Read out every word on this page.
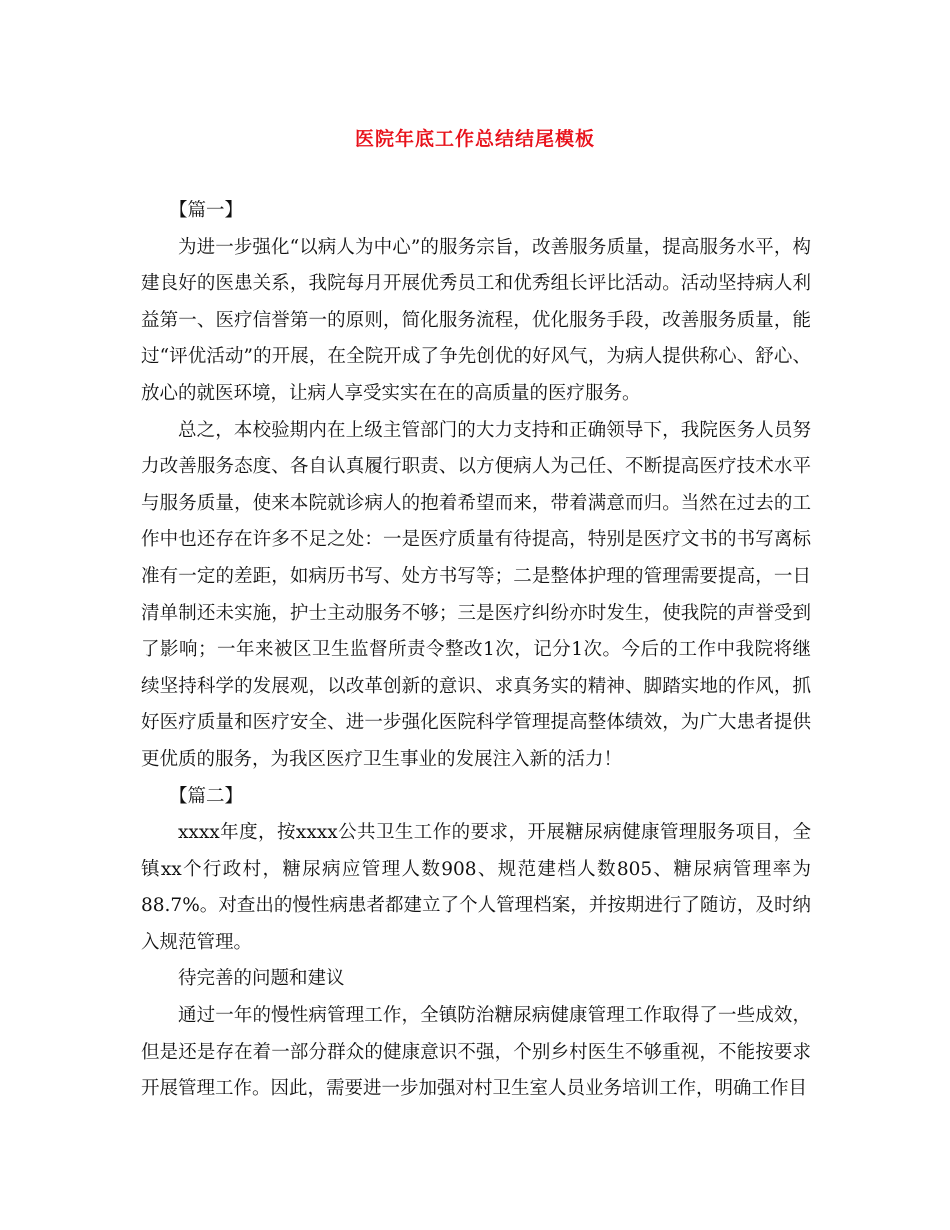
医院年底工作总结结尾模板

【篇一】

为进一步强化“以病人为中心”的服务宗旨，改善服务质量，提高服务水平，构建良好的医患关系，我院每月开展优秀员工和优秀组长评比活动。活动坚持病人利益第一、医疗信誉第一的原则，简化服务流程，优化服务手段，改善服务质量，能过“评优活动”的开展，在全院开成了争先创优的好风气，为病人提供称心、舒心、放心的就医环境，让病人享受实实在在的高质量的医疗服务。

总之，本校验期内在上级主管部门的大力支持和正确领导下，我院医务人员努力改善服务态度、各自认真履行职责、以方便病人为己任、不断提高医疗技术水平与服务质量，使来本院就诊病人的抱着希望而来，带着满意而归。当然在过去的工作中也还存在许多不足之处：一是医疗质量有待提高，特别是医疗文书的书写离标准有一定的差距，如病历书写、处方书写等；二是整体护理的管理需要提高，一日清单制还未实施，护士主动服务不够；三是医疗纠纷亦时发生，使我院的声誉受到了影响；一年来被区卫生监督所责令整改1次，记分1次。今后的工作中我院将继续坚持科学的发展观，以改革创新的意识、求真务实的精神、脚踏实地的作风，抓好医疗质量和医疗安全、进一步强化医院科学管理提高整体绩效，为广大患者提供更优质的服务，为我区医疗卫生事业的发展注入新的活力！

【篇二】

xxxx年度，按xxxx公共卫生工作的要求，开展糖尿病健康管理服务项目，全镇xx个行政村，糖尿病应管理人数908、规范建档人数805、糖尿病管理率为88.7%。对查出的慢性病患者都建立了个人管理档案，并按期进行了随访，及时纳入规范管理。

待完善的问题和建议

通过一年的慢性病管理工作，全镇防治糖尿病健康管理工作取得了一些成效，但是还是存在着一部分群众的健康意识不强，个别乡村医生不够重视，不能按要求开展管理工作。因此，需要进一步加强对村卫生室人员业务培训工作，明确工作目
